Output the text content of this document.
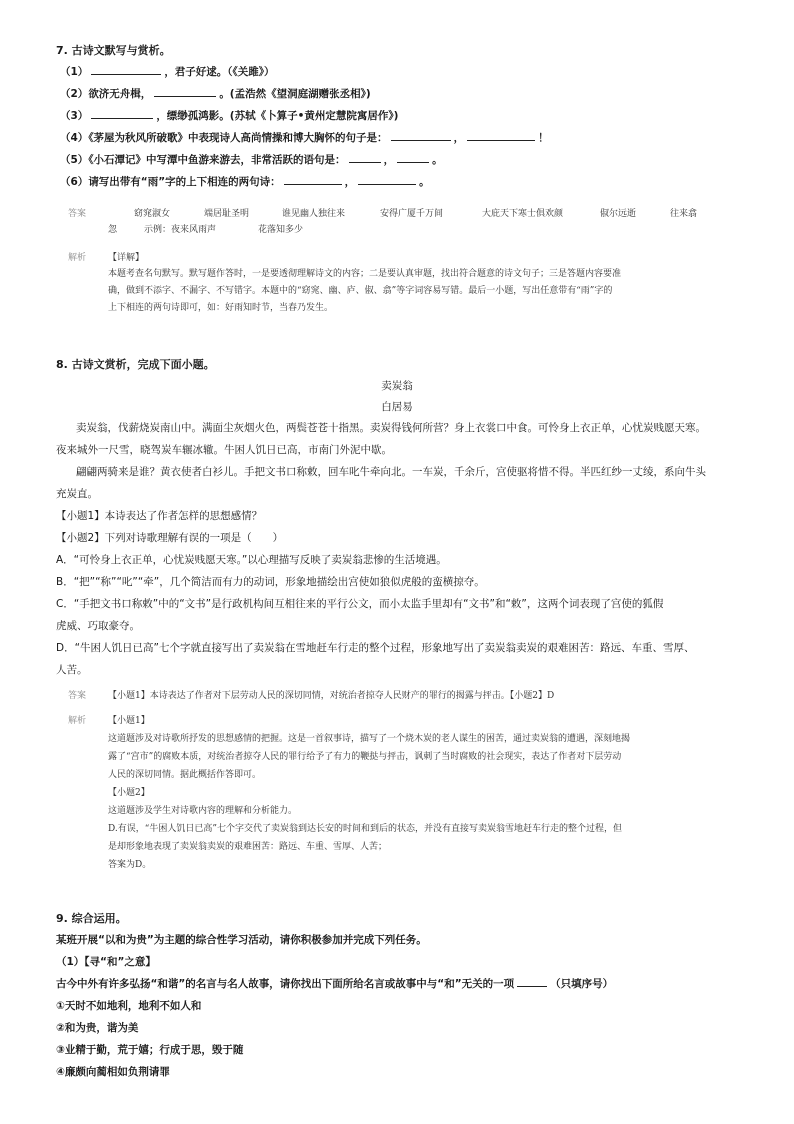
7. 古诗文默写与赏析。
（1）	，君子好逑。（《关雎》）
（2）欲济无舟楫，	。(孟浩然《望洞庭湖赠张丞相》)
（3）	，缥缈孤鸿影。(苏轼《卜算子•黄州定慧院寓居作》)
（4）《茅屋为秋风所破歌》中表现诗人高尚情操和博大胸怀的句子是：	，	！
（5）《小石潭记》中写潭中鱼游来游去，非常活跃的语句是：	，	。
（6）请写出带有“雨”字的上下相连的两句诗：	，	。
答案	窈窕淑女	端居耻圣明	谁见幽人独往来	安得广厦千万间	大庇天下寒士俱欢颜	俶尔远逝	往来翕
忽	示例：夜来风雨声	花落知多少
解析 【详解】
本题考查名句默写。默写题作答时，一是要透彻理解诗文的内容；二是要认真审题，找出符合题意的诗文句子；三是答题内容要准
确，做到不添字、不漏字、不写错字。本题中的“窈窕、幽、庐、俶、翕”等字词容易写错。最后一小题，写出任意带有“雨”字的
上下相连的两句诗即可，如：好雨知时节，当春乃发生。
8. 古诗文赏析，完成下面小题。
卖炭翁
白居易
卖炭翁，伐薪烧炭南山中。满面尘灰烟火色，两鬓苍苍十指黑。卖炭得钱何所营？身上衣裳口中食。可怜身上衣正单，心忧炭贱愿天寒。
夜来城外一尺雪，晓驾炭车辗冰辙。牛困人饥日已高，市南门外泥中歇。
翩翩两骑来是谁？黄衣使者白衫儿。手把文书口称敕，回车叱牛牵向北。一车炭，千余斤，宫使驱将惜不得。半匹红纱一丈绫，系向牛头
充炭直。
【小题1】本诗表达了作者怎样的思想感情？
【小题2】下列对诗歌理解有误的一项是（　　）
A．“可怜身上衣正单，心忧炭贱愿天寒。”以心理描写反映了卖炭翁悲惨的生活境遇。
B．“把”“称”“叱”“牵”，几个简洁而有力的动词，形象地描绘出宫使如狼似虎般的蛮横掠夺。
C．“手把文书口称敕”中的“文书”是行政机构间互相往来的平行公文，而小太监手里却有“文书”和“敕”，这两个词表现了宫使的狐假
虎威、巧取豪夺。
D．“牛困人饥日已高”七个字就直接写出了卖炭翁在雪地赶车行走的整个过程，形象地写出了卖炭翁卖炭的艰难困苦：路远、车重、雪厚、
人苦。
答案 【小题1】本诗表达了作者对下层劳动人民的深切同情，对统治者掠夺人民财产的罪行的揭露与抨击。【小题2】D
解析 【小题1】
这道题涉及对诗歌所抒发的思想感情的把握。这是一首叙事诗，描写了一个烧木炭的老人谋生的困苦，通过卖炭翁的遭遇，深刻地揭
露了“宫市”的腐败本质，对统治者掠夺人民的罪行给予了有力的鞭挞与抨击，讽刺了当时腐败的社会现实，表达了作者对下层劳动
人民的深切同情。据此概括作答即可。
【小题2】
这道题涉及学生对诗歌内容的理解和分析能力。
D.有误，“牛困人饥日已高”七个字交代了卖炭翁到达长安的时间和到后的状态，并没有直接写卖炭翁雪地赶车行走的整个过程，但
是却形象地表现了卖炭翁卖炭的艰难困苦：路远、车重、雪厚、人苦；
答案为D。
9. 综合运用。
某班开展“以和为贵”为主题的综合性学习活动，请你积极参加并完成下列任务。
（1）【寻“和”之意】
古今中外有许多弘扬“和谐”的名言与名人故事，请你找出下面所给名言或故事中与“和”无关的一项	（只填序号）
①天时不如地利，地利不如人和
②和为贵，谐为美
③业精于勤，荒于嬉；行成于思，毁于随
④廉颇向蔺相如负荆请罪
